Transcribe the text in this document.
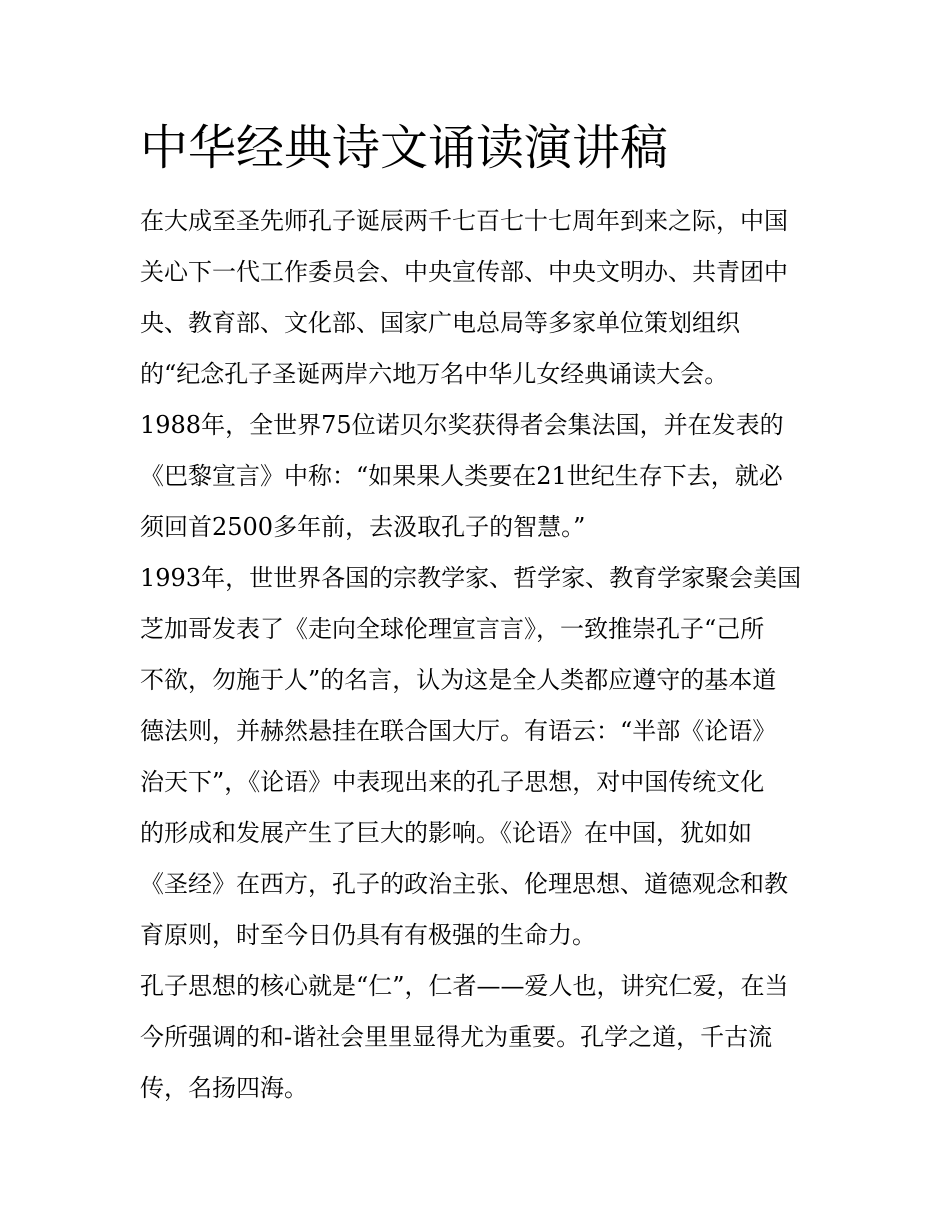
中华经典诗文诵读演讲稿
在大成至圣先师孔子诞辰两千七百七十七周年到来之际，中国
关心下一代工作委员会、中央宣传部、中央文明办、共青团中
央、教育部、文化部、国家广电总局等多家单位策划组织
的“纪念孔子圣诞两岸六地万名中华儿女经典诵读大会。
1988年，全世界75位诺贝尔奖获得者会集法国，并在发表的
《巴黎宣言》中称：“如果果人类要在21世纪生存下去，就必
须回首2500多年前，去汲取孔子的智慧。”
1993年，世世界各国的宗教学家、哲学家、教育学家聚会美国
芝加哥发表了《走向全球伦理宣言言》，一致推崇孔子“己所
不欲，勿施于人”的名言，认为这是全人类都应遵守的基本道
德法则，并赫然悬挂在联合国大厅。有语云：“半部《论语》
治天下”，《论语》中表现出来的孔子思想，对中国传统文化
的形成和发展产生了巨大的影响。《论语》在中国，犹如如
《圣经》在西方，孔子的政治主张、伦理思想、道德观念和教
育原则，时至今日仍具有有极强的生命力。
孔子思想的核心就是“仁”，仁者——爱人也，讲究仁爱，在当
今所强调的和-谐社会里里显得尤为重要。孔学之道，千古流
传，名扬四海。
